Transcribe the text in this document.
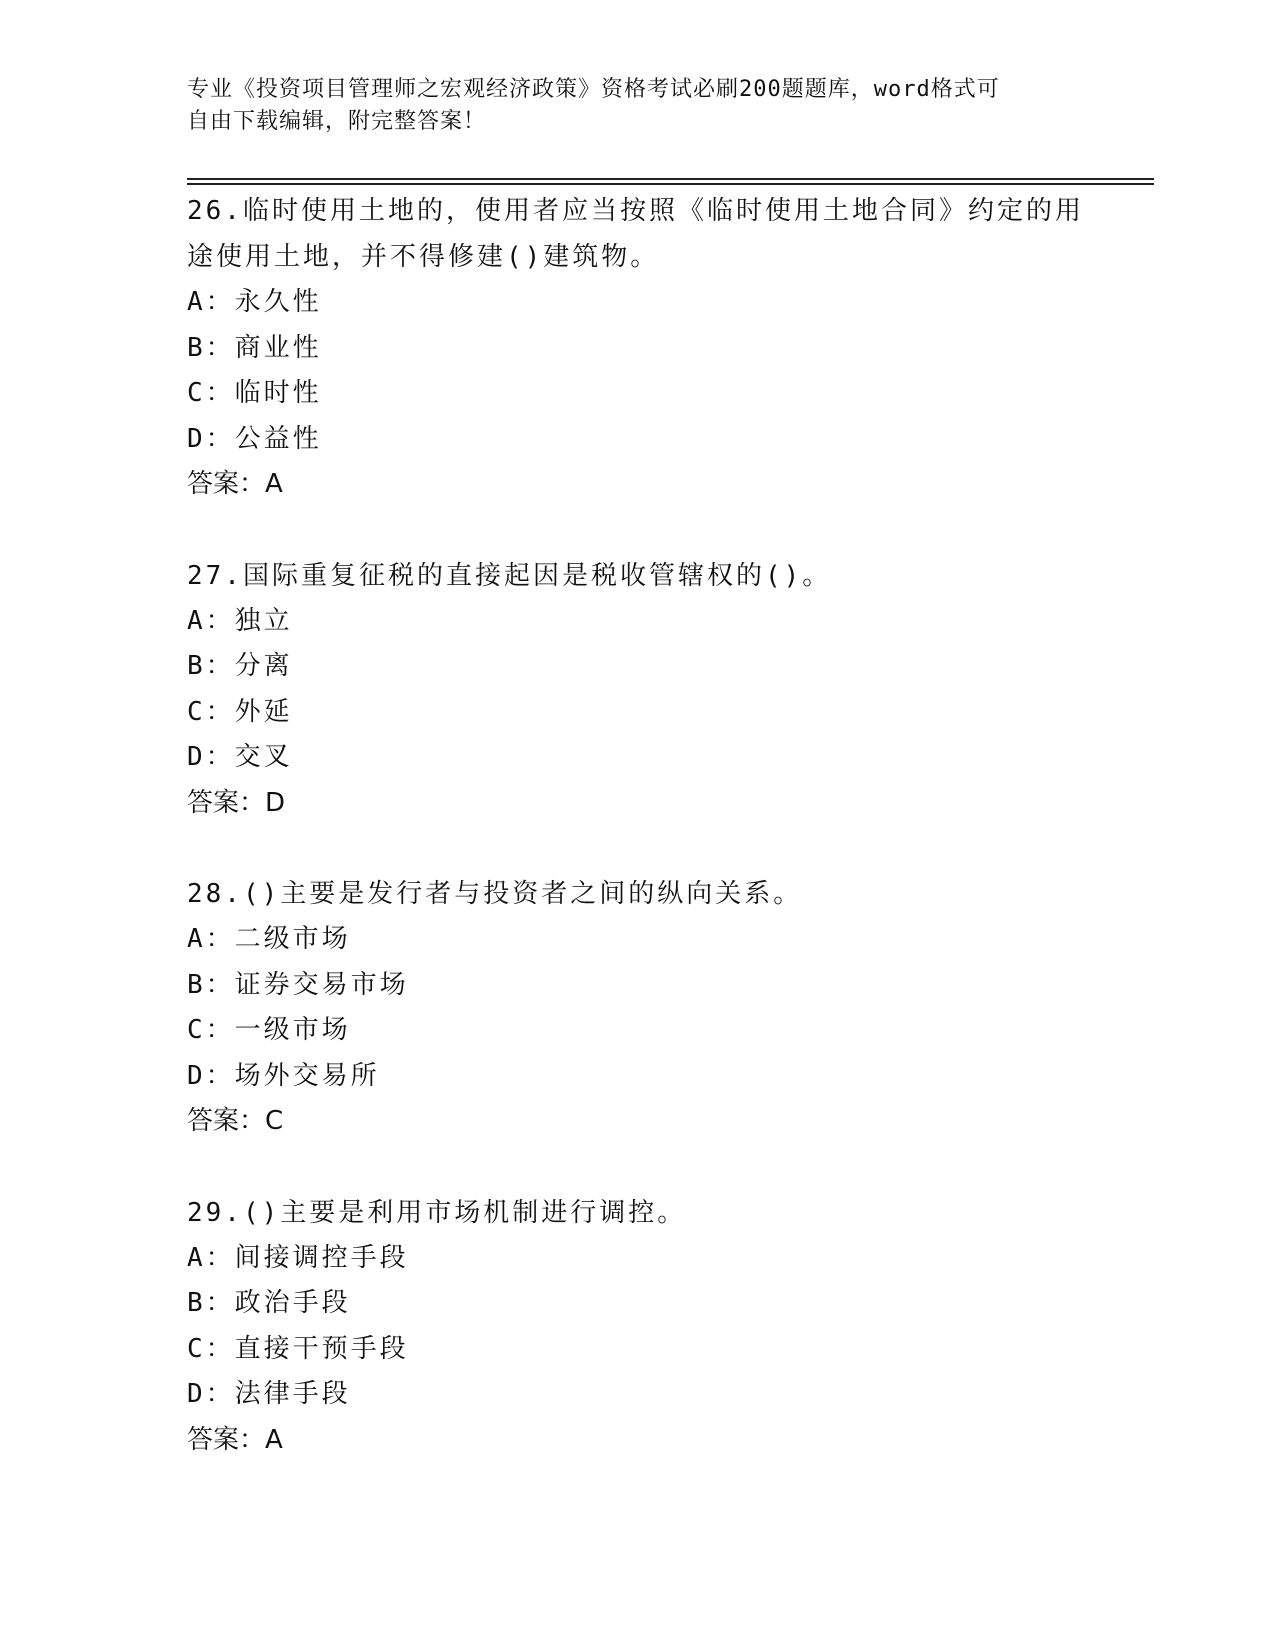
专业《投资项目管理师之宏观经济政策》资格考试必刷200题题库，word格式可
自由下载编辑，附完整答案！
26.临时使用土地的，使用者应当按照《临时使用土地合同》约定的用
途使用土地，并不得修建()建筑物。
A：永久性
B：商业性
C：临时性
D：公益性
答案：A
27.国际重复征税的直接起因是税收管辖权的()。
A：独立
B：分离
C：外延
D：交叉
答案：D
28.()主要是发行者与投资者之间的纵向关系。
A：二级市场
B：证券交易市场
C：一级市场
D：场外交易所
答案：C
29.()主要是利用市场机制进行调控。
A：间接调控手段
B：政治手段
C：直接干预手段
D：法律手段
答案：A
